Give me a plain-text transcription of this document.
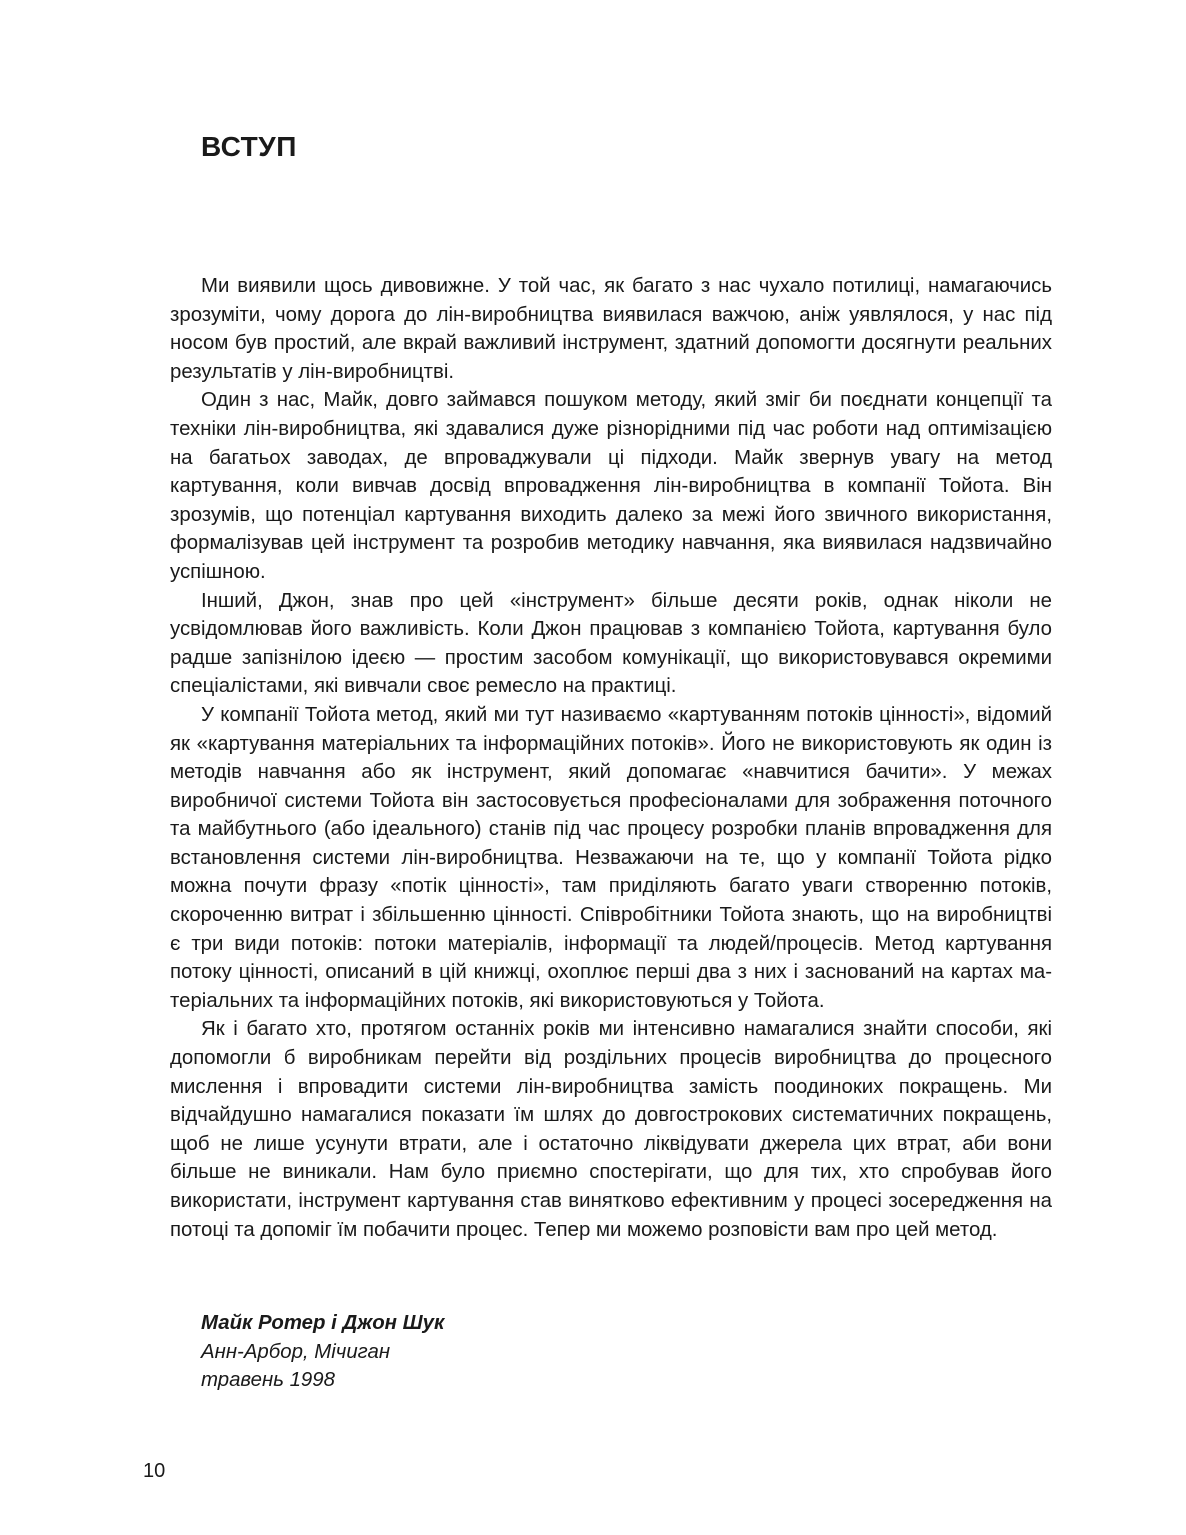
ВСТУП

Ми виявили щось дивовижне. У той час, як багато з нас чухало потилиці, намагаючись зрозуміти, чому дорога до лін-виробництва виявилася важчою, аніж уявлялося, у нас під носом був простий, але вкрай важливий інструмент, здатний допомогти досягнути реальних результатів у лін-виробництві.

Один з нас, Майк, довго займався пошуком методу, який зміг би поєднати концепції та техніки лін-виробництва, які здавалися дуже різнорідними під час роботи над оптимізацією на багатьох заводах, де впроваджували ці підходи. Майк звернув увагу на метод картування, коли вивчав досвід впровадження лін-виробництва в компанії Тойота. Він зрозумів, що потенціал картування виходить далеко за межі його звичного використання, формалізував цей інструмент та розробив методику навчання, яка виявилася надзвичайно успішною.

Інший, Джон, знав про цей «інструмент» більше десяти років, однак ніколи не усвідомлював його важливість. Коли Джон працював з компанією Тойота, картування було радше запізнілою ідеєю — простим засобом комунікації, що використовувався окремими спеціалістами, які вивчали своє ремесло на практиці.

У компанії Тойота метод, який ми тут називаємо «картуванням потоків цінності», відомий як «картування матеріальних та інформаційних потоків». Його не використовують як один із методів навчання або як інструмент, який допомагає «навчитися бачити». У межах виробничої системи Тойота він застосовується професіоналами для зображення поточного та майбутнього (або ідеального) станів під час процесу розробки планів впровадження для встановлення системи лін-виробництва. Незважаючи на те, що у компанії Тойота рідко можна почути фразу «потік цінності», там приділяють багато уваги створенню потоків, скороченню витрат і збільшенню цінності. Співробітники Тойота знають, що на виробництві є три види потоків: потоки матеріалів, інформації та людей/процесів. Метод картування потоку цінності, описаний в цій книжці, охоплює перші два з них і заснований на картах матеріальних та інформаційних потоків, які використовуються у Тойота.

Як і багато хто, протягом останніх років ми інтенсивно намагалися знайти способи, які допомогли б виробникам перейти від роздільних процесів виробництва до процесного мислення і впровадити системи лін-виробництва замість поодиноких покращень. Ми відчайдушно намагалися показати їм шлях до довгострокових систематичних покращень, щоб не лише усунути втрати, але і остаточно ліквідувати джерела цих втрат, аби вони більше не виникали. Нам було приємно спостерігати, що для тих, хто спробував його використати, інструмент картування став винятково ефективним у процесі зосередження на потоці та допоміг їм побачити процес. Тепер ми можемо розповісти вам про цей метод.

Майк Ротер і Джон Шук
Анн-Арбор, Мічиган
травень 1998
10
